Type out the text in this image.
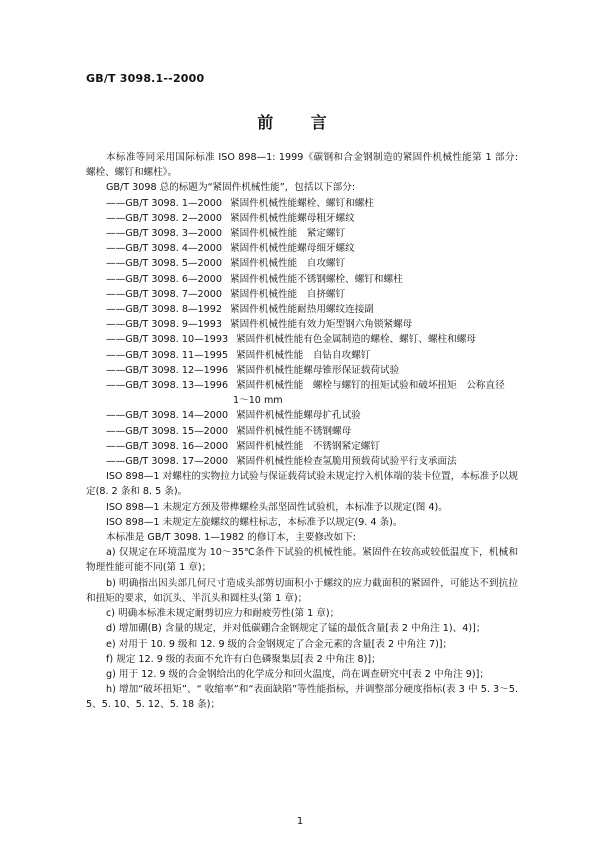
GB/T 3098.1--2000
前 言

本标准等同采用国际标准 ISO 898—1: 1999《碳钢和合金钢制造的紧固件机械性能第 1 部分: 螺栓、螺钉和螺柱》。

GB/T 3098 总的标题为“紧固件机械性能”，包括以下部分:

——GB/T 3098. 1—2000 紧固件机械性能螺栓、螺钉和螺柱
——GB/T 3098. 2—2000 紧固件机械性能螺母粗牙螺纹
——GB/T 3098. 3—2000 紧固件机械性能　紧定螺钉
——GB/T 3098. 4—2000 紧固件机械性能螺母细牙螺纹
——GB/T 3098. 5—2000 紧固件机械性能　自攻螺钉
——GB/T 3098. 6—2000 紧固件机械性能不锈钢螺栓、螺钉和螺柱
——GB/T 3098. 7—2000 紧固件机械性能　自挤螺钉
——GB/T 3098. 8—1992 紧固件机械性能耐热用螺纹连接副
——GB/T 3098. 9—1993 紧固件机械性能有效力矩型钢六角锁紧螺母
——GB/T 3098. 10—1993 紧固件机械性能有色金属制造的螺栓、螺钉、螺柱和螺母
——GB/T 3098. 11—1995 紧固件机械性能　自钻自攻螺钉
——GB/T 3098. 12—1996 紧固件机械性能螺母锥形保证载荷试验
——GB/T 3098. 13—1996 紧固件机械性能　螺栓与螺钉的扭矩试验和破坏扭矩　公称直径
1～10 mm
——GB/T 3098. 14—2000 紧固件机械性能螺母扩孔试验
——GB/T 3098. 15—2000 紧固件机械性能不锈钢螺母
——GB/T 3098. 16—2000 紧固件机械性能　不锈钢紧定螺钉
——GB/T 3098. 17—2000 紧固件机械性能检查氢脆用预载荷试验平行支承面法

ISO 898—1 对螺柱的实物拉力试验与保证载荷试验未规定拧入机体端的装卡位置，本标准予以规定(8. 2 条和 8. 5 条)。

ISO 898—1 未规定方颈及带榫螺栓头部坚固性试验机，本标准予以规定(图 4)。

ISO 898—1 未规定左旋螺纹的螺柱标志，本标准予以规定(9. 4 条)。

本标准是 GB/T 3098. 1—1982 的修订本，主要修改如下:

a) 仅规定在环境温度为 10～35℃条件下试验的机械性能。紧固件在较高或较低温度下，机械和物理性能可能不同(第 1 章)；

b) 明确指出因头部几何尺寸造成头部剪切面积小于螺纹的应力截面积的紧固件，可能达不到抗拉和扭矩的要求，如沉头、半沉头和圆柱头(第 1 章)；

c) 明确本标准未规定耐剪切应力和耐疲劳性(第 1 章)；

d) 增加硼(B) 含量的规定，并对低碳硼合金钢规定了锰的最低含量[表 2 中角注 1)、4)]；

e) 对用于 10. 9 级和 12. 9 级的合金钢规定了合金元素的含量[表 2 中角注 7)]；

f) 规定 12. 9 级的表面不允许有白色磷聚集层[表 2 中角注 8)]；

g) 用于 12. 9 级的合金钢给出的化学成分和回火温度，尚在调查研究中[表 2 中角注 9)]；

h) 增加“破坏扭矩”、“ 收缩率”和“表面缺陷”等性能指标，并调整部分硬度指标(表 3 中 5. 3～5. 5、5. 10、5. 12、5. 18 条)；

1
